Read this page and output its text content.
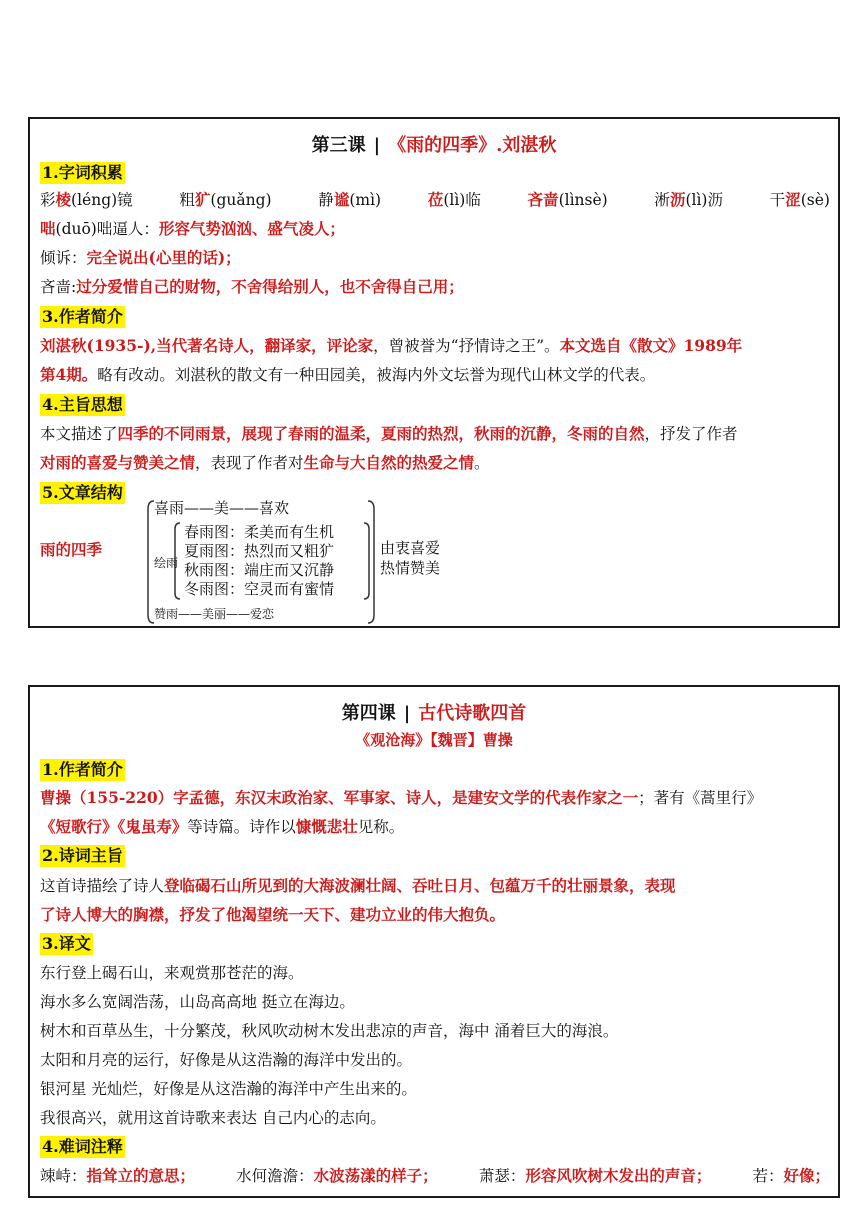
第三课 | 《雨的四季》.刘湛秋
1.字词积累
彩棱(léng)镜	粗犷(guǎng)	静谧(mì)	莅(lì)临	吝啬(lìnsè)	淅沥(lì)沥	干涩(sè)
咄(duō)咄逼人：形容气势汹汹、盛气凌人；
倾诉：完全说出(心里的话)；
吝啬:过分爱惜自己的财物，不舍得给别人，也不舍得自己用；
3.作者简介
刘湛秋(1935-),当代著名诗人，翻译家，评论家，曾被誉为“抒情诗之王”。本文选自《散文》1989年
第4期。略有改动。刘湛秋的散文有一种田园美，被海内外文坛誉为现代山林文学的代表。
4.主旨思想
本文描述了四季的不同雨景，展现了春雨的温柔，夏雨的热烈，秋雨的沉静，冬雨的自然，抒发了作者
对雨的喜爱与赞美之情，表现了作者对生命与大自然的热爱之情。
5.文章结构
雨的四季
喜雨——美——喜欢
绘雨
春雨图：柔美而有生机
夏雨图：热烈而又粗犷
秋雨图：端庄而又沉静
冬雨图：空灵而有蜜情
赞雨——美丽——爱恋
由衷喜爱
热情赞美
第四课 | 古代诗歌四首
《观沧海》【魏晋】曹操
1.作者简介
曹操（155-220）字孟德，东汉末政治家、军事家、诗人，是建安文学的代表作家之一；著有《蒿里行》
《短歌行》《鬼虽寿》等诗篇。诗作以慷慨悲壮见称。
2.诗词主旨
这首诗描绘了诗人登临碣石山所见到的大海波澜壮阔、吞吐日月、包蕴万千的壮丽景象，表现
了诗人博大的胸襟，抒发了他渴望统一天下、建功立业的伟大抱负。
3.译文
东行登上碣石山，来观赏那苍茫的海。
海水多么宽阔浩荡，山岛高高地 挺立在海边。
树木和百草丛生，十分繁茂，秋风吹动树木发出悲凉的声音，海中 涌着巨大的海浪。
太阳和月亮的运行，好像是从这浩瀚的海洋中发出的。
银河星 光灿烂，好像是从这浩瀚的海洋中产生出来的。
我很高兴，就用这首诗歌来表达 自己内心的志向。
4.难词注释
竦峙：指耸立的意思；	水何澹澹：水波荡漾的样子；	萧瑟：形容风吹树木发出的声音；	若：好像；
